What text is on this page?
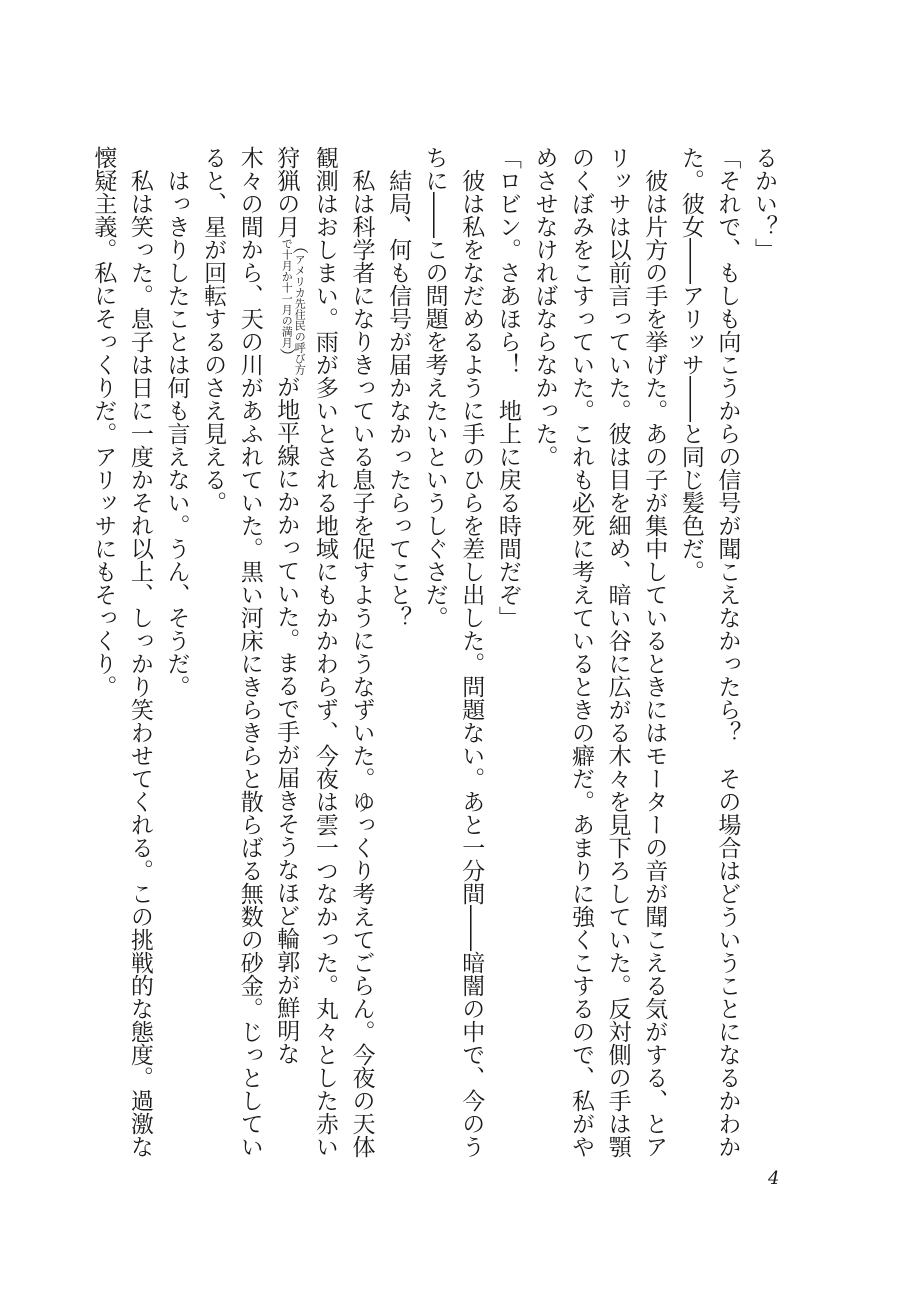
るかい？」
「それで、もしも向こうからの信号が聞こえなかったら？　その場合はどういうことになるかわか
た。彼女――アリッサ――と同じ髪色だ。
　彼は片方の手を挙げた。あの子が集中しているときにはモーターの音が聞こえる気がする、とア
リッサは以前言っていた。彼は目を細め、暗い谷に広がる木々を見下ろしていた。反対側の手は顎
のくぼみをこすっていた。これも必死に考えているときの癖だ。あまりに強くこするので、私がや
めさせなければならなかった。
「ロビン。さあほら！　地上に戻る時間だぞ」
　彼は私をなだめるように手のひらを差し出した。問題ない。あと一分間――暗闇の中で、今のう
ちに――この問題を考えたいというしぐさだ。
　結局、何も信号が届かなかったらってこと？
　私は科学者になりきっている息子を促すようにうなずいた。ゆっくり考えてごらん。今夜の天体
観測はおしまい。雨が多いとされる地域にもかかわらず、今夜は雲一つなかった。丸々とした赤い
狩猟の月（アメリカ先住民の呼び方
で十月か十一月の満月）が地平線にかかっていた。まるで手が届きそうなほど輪郭が鮮明な
木々の間から、天の川があふれていた。黒い河床にきらきらと散らばる無数の砂金。じっとしてい
ると、星が回転するのさえ見える。
　はっきりしたことは何も言えない。うん、そうだ。
　私は笑った。息子は日に一度かそれ以上、しっかり笑わせてくれる。この挑戦的な態度。過激な
懐疑主義。私にそっくりだ。アリッサにもそっくり。
4
